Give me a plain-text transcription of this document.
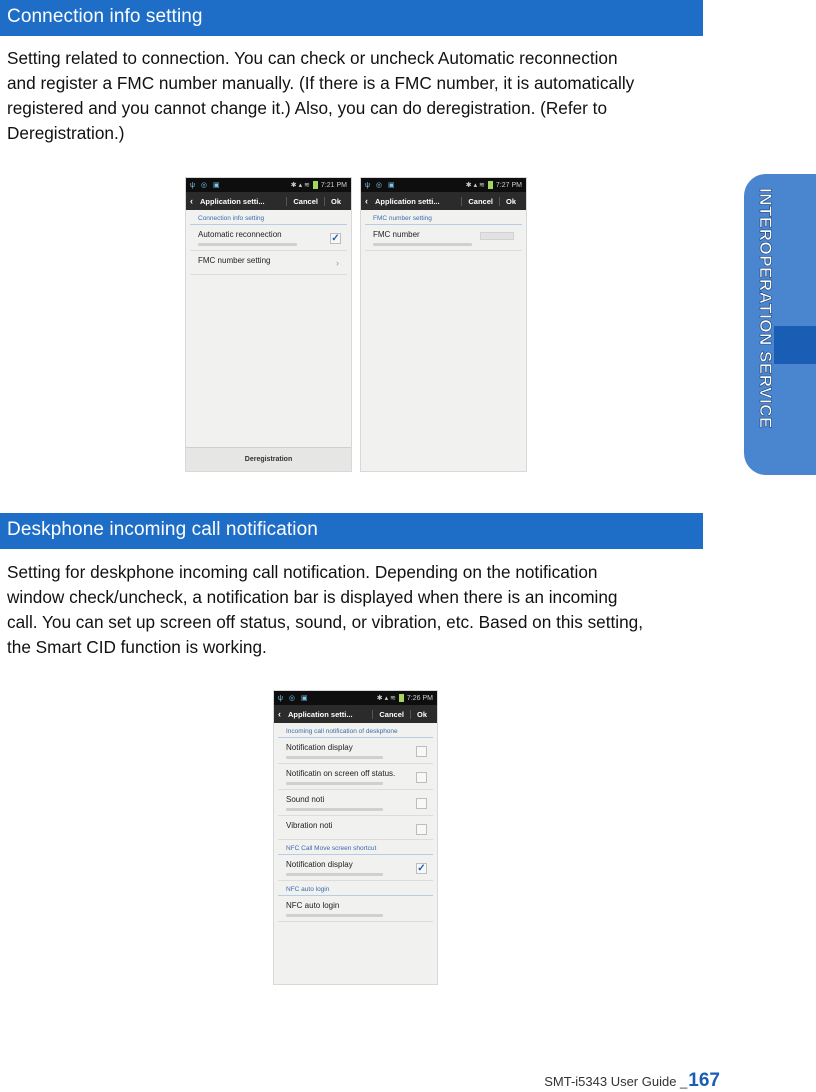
Connection info setting
Setting related to connection. You can check or uncheck Automatic reconnection
and register a FMC number manually. (If there is a FMC number, it is automatically
registered and you cannot change it.) Also, you can do deregistration. (Refer to
Deregistration.)
ψ ◎ ▣	✱ ▴ ≋ 7:21 PM
‹ Application setti...	Cancel	Ok
Connection info setting
Automatic reconnection	✓
FMC number setting	›
Deregistration
ψ ◎ ▣	✱ ▴ ≋ 7:27 PM
‹ Application setti...	Cancel	Ok
FMC number setting
FMC number
Deskphone incoming call notification
Setting for deskphone incoming call notification. Depending on the notification
window check/uncheck, a notification bar is displayed when there is an incoming
call. You can set up screen off status, sound, or vibration, etc. Based on this setting,
the Smart CID function is working.
ψ ◎ ▣	✱ ▴ ≋ 7:26 PM
‹ Application setti...	Cancel	Ok
Incoming call notification of deskphone
Notification display
Notificatin on screen off status.
Sound noti
Vibration noti
NFC Call Move screen shortcut
Notification display	✓
NFC auto login
NFC auto login
INTEROPERATION SERVICE
SMT-i5343 User Guide _ 167
